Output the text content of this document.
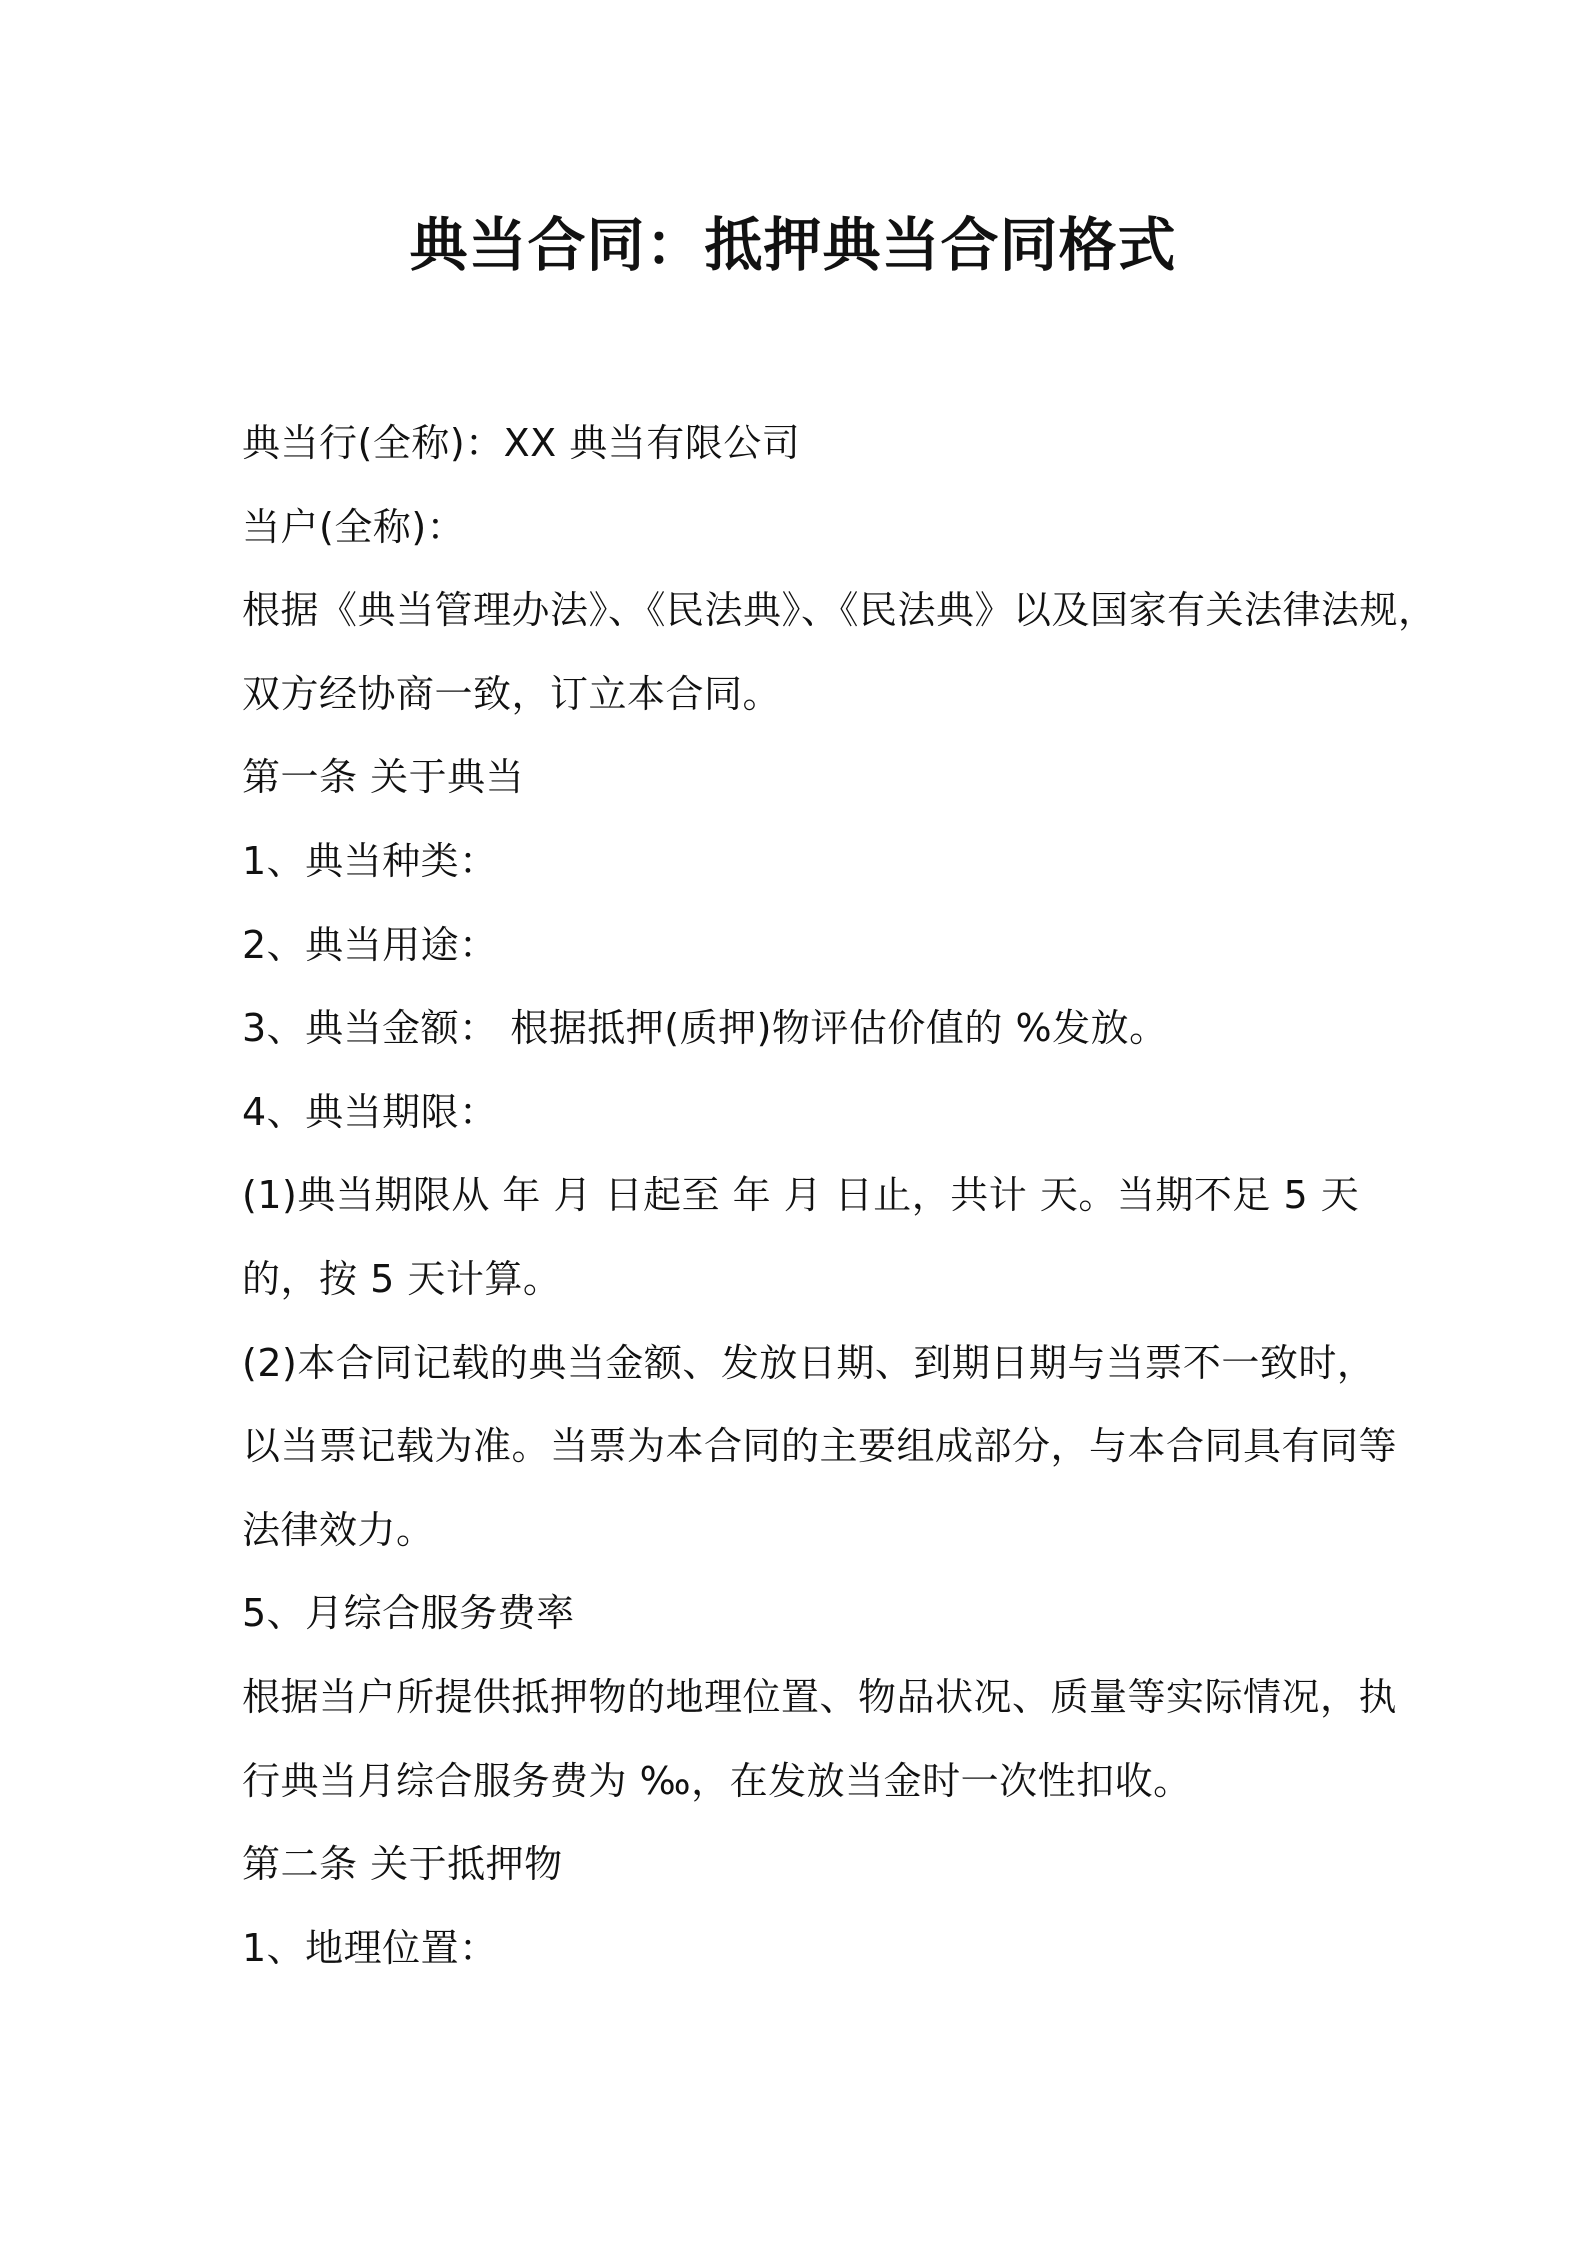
典当合同：抵押典当合同格式

典当行(全称)：XX 典当有限公司

当户(全称)：

根据《典当管理办法》、《民法典》、《民法典》以及国家有关法律法规，

双方经协商一致，订立本合同。

第一条 关于典当

1、典当种类：

2、典当用途：

3、典当金额： 根据抵押(质押)物评估价值的 %发放。

4、典当期限：

(1)典当期限从 年 月 日起至 年 月 日止，共计 天。当期不足 5 天

的，按 5 天计算。

(2)本合同记载的典当金额、发放日期、到期日期与当票不一致时，

以当票记载为准。当票为本合同的主要组成部分，与本合同具有同等

法律效力。

5、月综合服务费率

根据当户所提供抵押物的地理位置、物品状况、质量等实际情况，执

行典当月综合服务费为 ‰，在发放当金时一次性扣收。

第二条 关于抵押物

1、地理位置：
